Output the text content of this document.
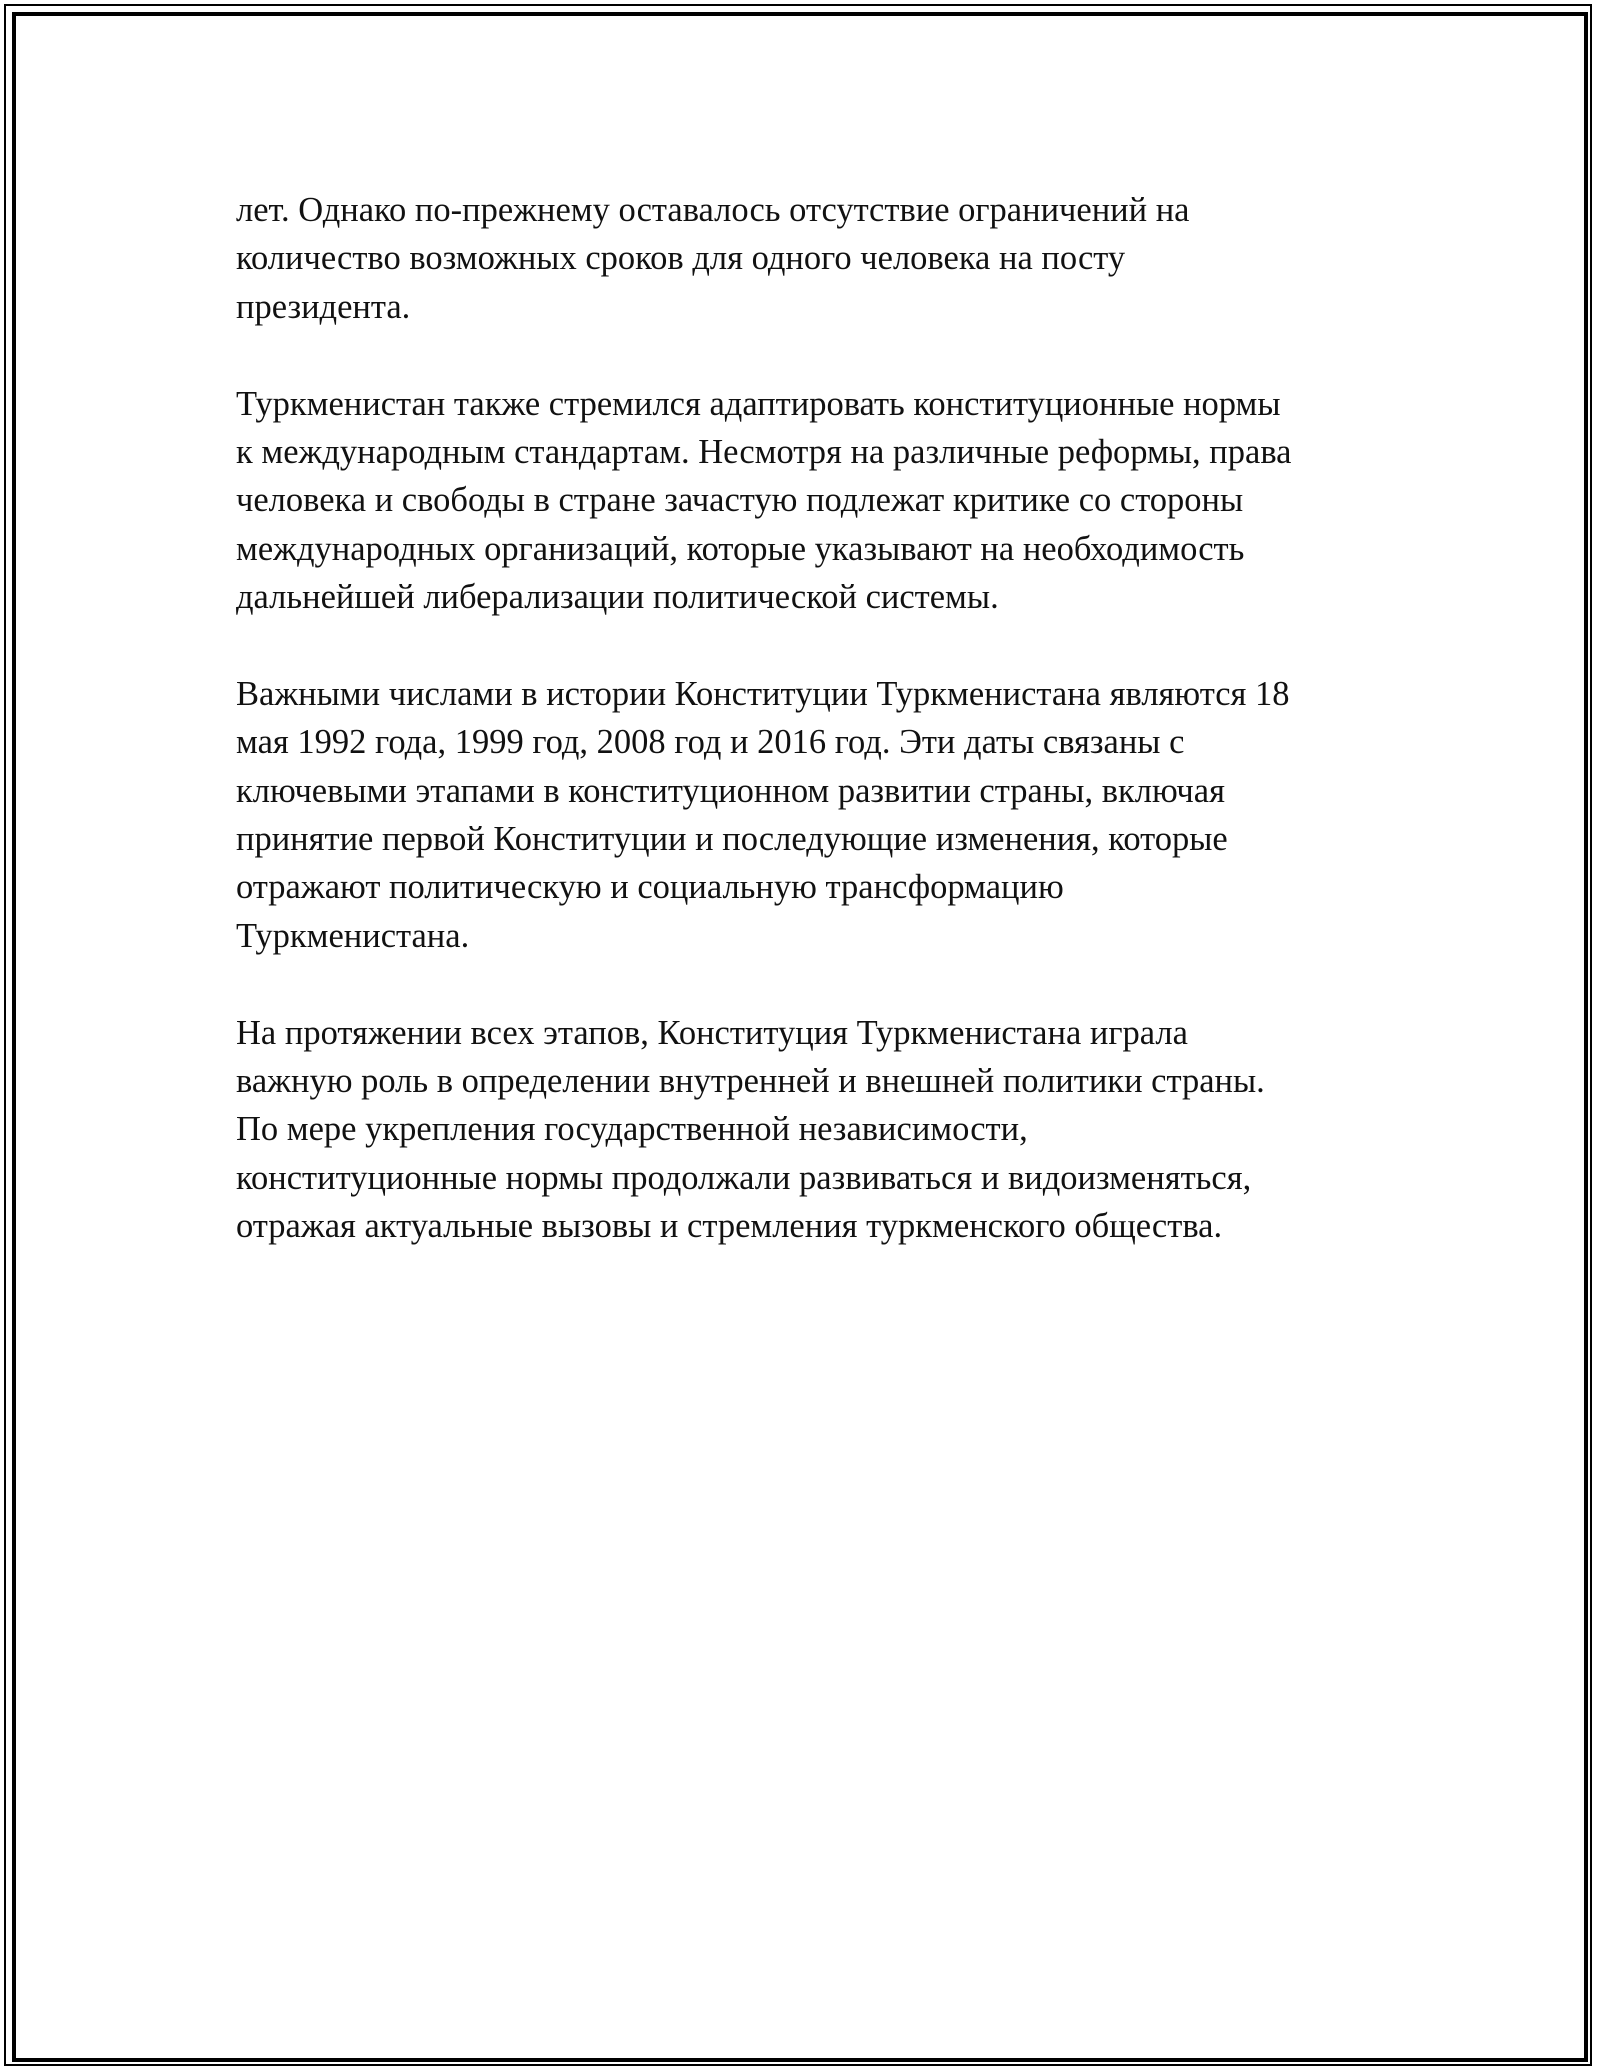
лет. Однако по-прежнему оставалось отсутствие ограничений на
количество возможных сроков для одного человека на посту
президента.
Туркменистан также стремился адаптировать конституционные нормы
к международным стандартам. Несмотря на различные реформы, права
человека и свободы в стране зачастую подлежат критике со стороны
международных организаций, которые указывают на необходимость
дальнейшей либерализации политической системы.
Важными числами в истории Конституции Туркменистана являются 18
мая 1992 года, 1999 год, 2008 год и 2016 год. Эти даты связаны с
ключевыми этапами в конституционном развитии страны, включая
принятие первой Конституции и последующие изменения, которые
отражают политическую и социальную трансформацию
Туркменистана.
На протяжении всех этапов, Конституция Туркменистана играла
важную роль в определении внутренней и внешней политики страны.
По мере укрепления государственной независимости,
конституционные нормы продолжали развиваться и видоизменяться,
отражая актуальные вызовы и стремления туркменского общества.
